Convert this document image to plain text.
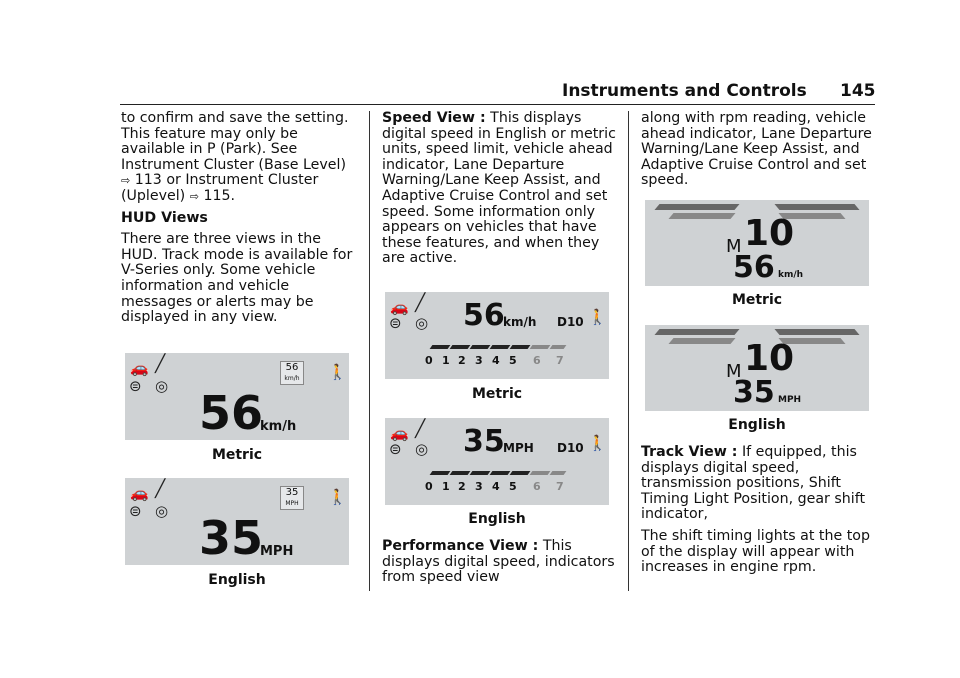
Instruments and Controls 145

to confirm and save the setting. This feature may only be available in P (Park). See Instrument Cluster (Base Level) ⇨ 113 or Instrument Cluster (Uplevel) ⇨ 115.

HUD Views

There are three views in the HUD. Track mode is available for V-Series only. Some vehicle information and vehicle messages or alerts may be displayed in any view.

🚗 ╱
⊜ ◎
56
km/h 🚶
56
km/h
Metric
🚗 ╱
⊜ ◎
35
MPH 🚶
35
MPH
English

Speed View : This displays digital speed in English or metric units, speed limit, vehicle ahead indicator, Lane Departure Warning/Lane Keep Assist, and Adaptive Cruise Control and set speed. Some information only appears on vehicles that have these features, and when they are active.

🚗 ╱
⊜ ◎ 56
km/h D10 🚶
0 1 2 3 4 5 6 7
Metric
🚗 ╱
⊜ ◎ 35
MPH D10 🚶
0 1 2 3 4 5 6 7
English

Performance View : This displays digital speed, indicators from speed view

along with rpm reading, vehicle ahead indicator, Lane Departure Warning/Lane Keep Assist, and Adaptive Cruise Control and set speed.

M 10
56 km/h
Metric
M 10
35 MPH
English

Track View : If equipped, this displays digital speed, transmission positions, Shift Timing Light Position, gear shift indicator,

The shift timing lights at the top of the display will appear with increases in engine rpm.
